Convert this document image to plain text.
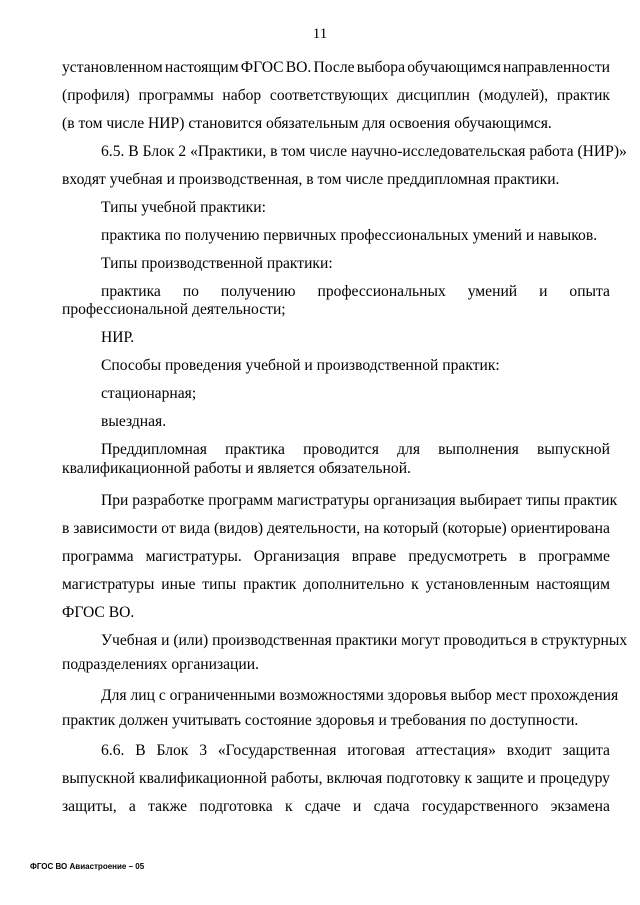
11
установленном настоящим ФГОС ВО. После выбора обучающимся направленности
(профиля) программы набор соответствующих дисциплин (модулей), практик
(в том числе НИР) становится обязательным для освоения обучающимся.
6.5. В Блок 2 «Практики, в том числе научно-исследовательская работа (НИР)»
входят учебная и производственная, в том числе преддипломная практики.
Типы учебной практики:
практика по получению первичных профессиональных умений и навыков.
Типы производственной практики:
практика по получению профессиональных умений и опыта
профессиональной деятельности;
НИР.
Способы проведения учебной и производственной практик:
стационарная;
выездная.
Преддипломная практика проводится для выполнения выпускной
квалификационной работы и является обязательной.
При разработке программ магистратуры организация выбирает типы практик
в зависимости от вида (видов) деятельности, на который (которые) ориентирована
программа магистратуры. Организация вправе предусмотреть в программе
магистратуры иные типы практик дополнительно к установленным настоящим
ФГОС ВО.
Учебная и (или) производственная практики могут проводиться в структурных
подразделениях организации.
Для лиц с ограниченными возможностями здоровья выбор мест прохождения
практик должен учитывать состояние здоровья и требования по доступности.
6.6. В Блок 3 «Государственная итоговая аттестация» входит защита
выпускной квалификационной работы, включая подготовку к защите и процедуру
защиты, а также подготовка к сдаче и сдача государственного экзамена
ФГОС ВО Авиастроение – 05
